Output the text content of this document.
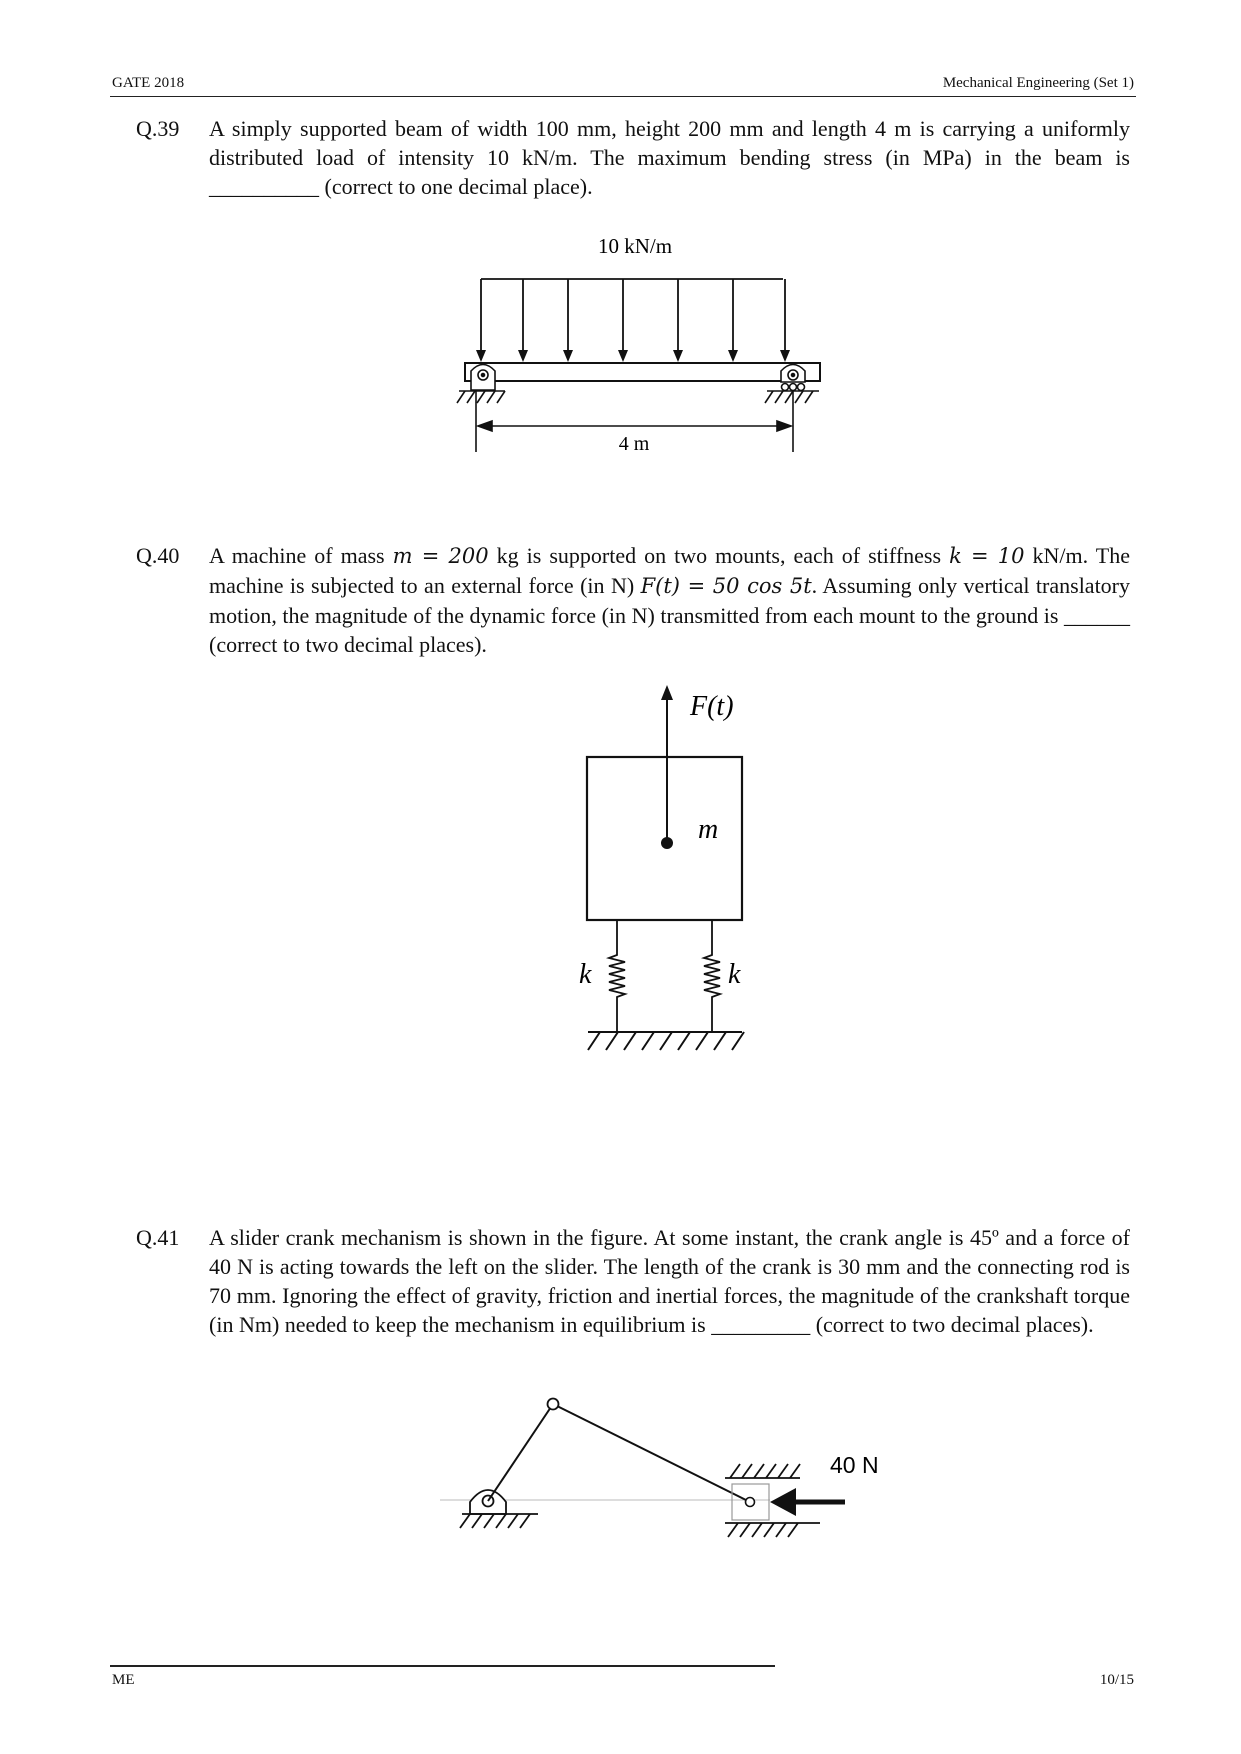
GATE 2018	Mechanical Engineering (Set 1)
Q.39 A simply supported beam of width 100 mm, height 200 mm and length 4 m is carrying a uniformly distributed load of intensity 10 kN/m. The maximum bending stress (in MPa) in the beam is __________ (correct to one decimal place).
10 kN/m
4 m
Q.40 A machine of mass m = 200 kg is supported on two mounts, each of stiffness k = 10 kN/m. The machine is subjected to an external force (in N) F(t) = 50 cos 5t. Assuming only vertical translatory motion, the magnitude of the dynamic force (in N) transmitted from each mount to the ground is ______ (correct to two decimal places).
F(t)
m
k	k
Q.41 A slider crank mechanism is shown in the figure. At some instant, the crank angle is 45º and a force of 40 N is acting towards the left on the slider. The length of the crank is 30 mm and the connecting rod is 70 mm. Ignoring the effect of gravity, friction and inertial forces, the magnitude of the crankshaft torque (in Nm) needed to keep the mechanism in equilibrium is _________ (correct to two decimal places).
40 N
ME	10/15
